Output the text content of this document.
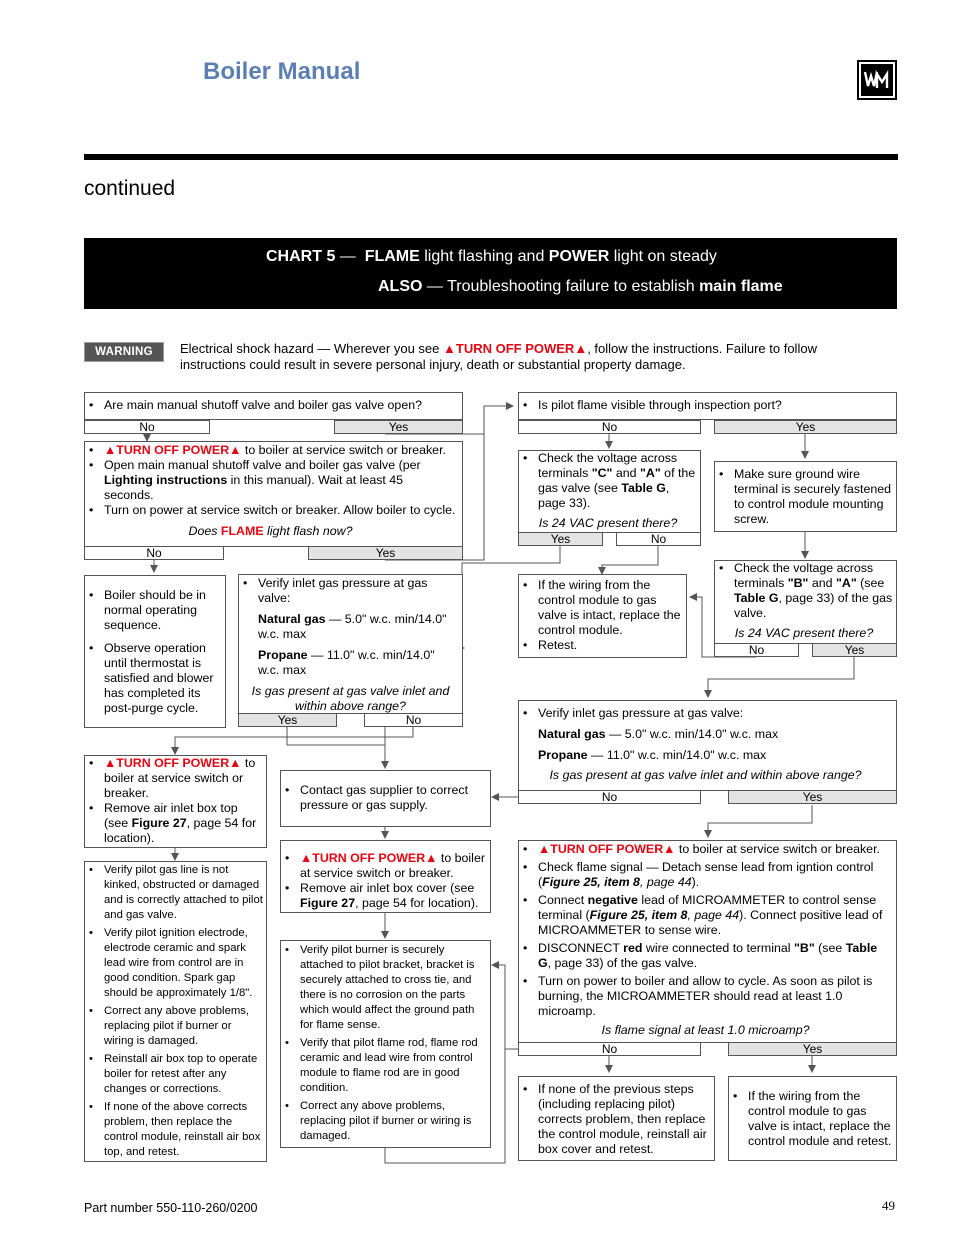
Boiler Manual
continued
CHART 5 — FLAME light flashing and POWER light on steady
ALSO — Troubleshooting failure to establish main flame
WARNING	Electrical shock hazard — Wherever you see ▲TURN OFF POWER▲, follow the instructions. Failure to follow instructions could result in severe personal injury, death or substantial property damage.
• Are main manual shutoff valve and boiler gas valve open?
No	Yes
• ▲TURN OFF POWER▲ to boiler at service switch or breaker.
• Open main manual shutoff valve and boiler gas valve (per Lighting instructions in this manual). Wait at least 45 seconds.
• Turn on power at service switch or breaker. Allow boiler to cycle.
Does FLAME light flash now?
No	Yes
• Boiler should be in normal operating sequence.
• Observe operation until thermostat is satisfied and blower has completed its post-purge cycle.
• Verify inlet gas pressure at gas valve:
Natural gas — 5.0" w.c. min/14.0" w.c. max
Propane — 11.0" w.c. min/14.0" w.c. max
Is gas present at gas valve inlet and within above range?
Yes	No
• ▲TURN OFF POWER▲ to boiler at service switch or breaker.
• Remove air inlet box top (see Figure 27, page 54 for location).
• Contact gas supplier to correct pressure or gas supply.
• Verify pilot gas line is not kinked, obstructed or damaged and is correctly attached to pilot and gas valve.
• Verify pilot ignition electrode, electrode ceramic and spark lead wire from control are in good condition. Spark gap should be approximately 1/8".
• Correct any above problems, replacing pilot if burner or wiring is damaged.
• Reinstall air box top to operate boiler for retest after any changes or corrections.
• If none of the above corrects problem, then replace the control module, reinstall air box top, and retest.
• ▲TURN OFF POWER▲ to boiler at service switch or breaker.
• Remove air inlet box cover (see Figure 27, page 54 for location).
• Verify pilot burner is securely attached to pilot bracket, bracket is securely attached to cross tie, and there is no corrosion on the parts which would affect the ground path for flame sense.
• Verify that pilot flame rod, flame rod ceramic and lead wire from control module to flame rod are in good condition.
• Correct any above problems, replacing pilot if burner or wiring is damaged.
• Is pilot flame visible through inspection port?
No	Yes
• Check the voltage across terminals "C" and "A" of the gas valve (see Table G, page 33).
Is 24 VAC present there?
Yes	No
• Make sure ground wire terminal is securely fastened to control module mounting screw.
• If the wiring from the control module to gas valve is intact, replace the control module.
• Retest.
• Check the voltage across terminals "B" and "A" (see Table G, page 33) of the gas valve.
Is 24 VAC present there?
No	Yes
• Verify inlet gas pressure at gas valve:
Natural gas — 5.0" w.c. min/14.0" w.c. max
Propane — 11.0" w.c. min/14.0" w.c. max
Is gas present at gas valve inlet and within above range?
No	Yes
• ▲TURN OFF POWER▲ to boiler at service switch or breaker.
• Check flame signal — Detach sense lead from igntion control (Figure 25, item 8, page 44).
• Connect negative lead of MICROAMMETER to control sense terminal (Figure 25, item 8, page 44). Connect positive lead of MICROAMMETER to sense wire.
• DISCONNECT red wire connected to terminal "B" (see Table G, page 33) of the gas valve.
• Turn on power to boiler and allow to cycle. As soon as pilot is burning, the MICROAMMETER should read at least 1.0 microamp.
Is flame signal at least 1.0 microamp?
No	Yes
• If none of the previous steps (including replacing pilot) corrects problem, then replace the control module, reinstall air box cover and retest.
• If the wiring from the control module to gas valve is intact, replace the control module and retest.
Part number 550-110-260/0200	49
